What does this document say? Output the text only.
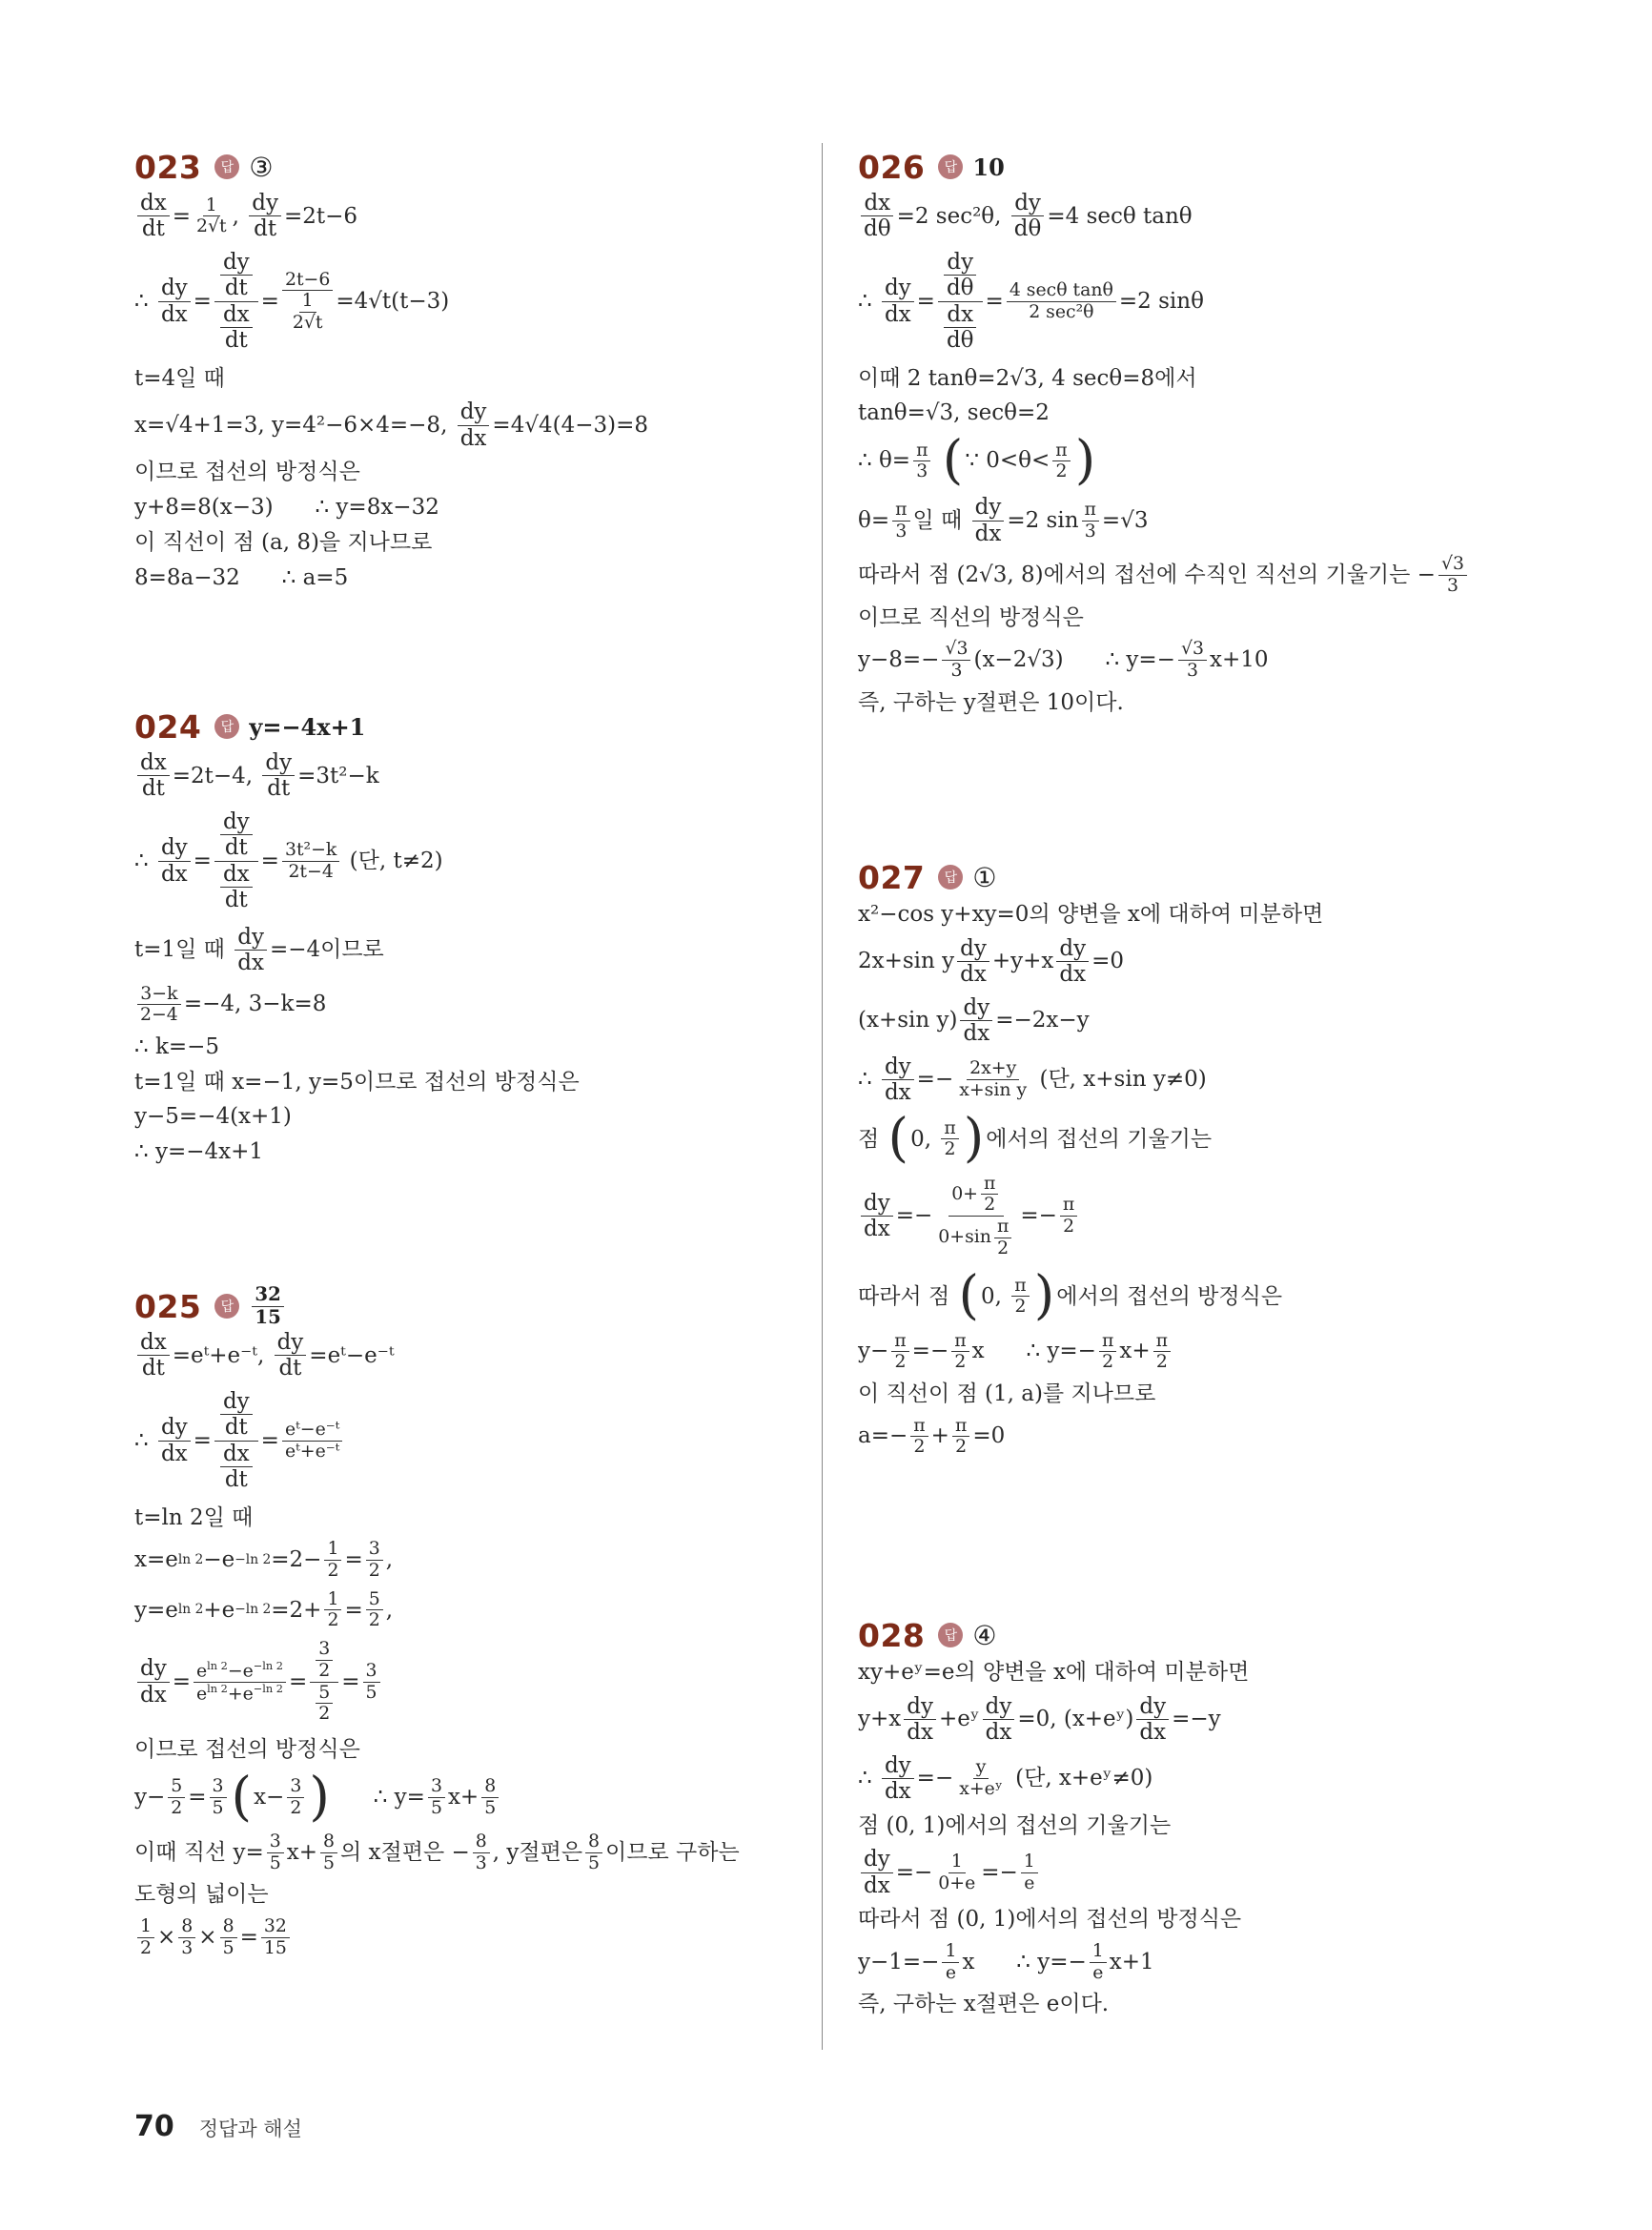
023	답 ③
$\frac{dx}{dt} = \frac{1}{2√t}$ , $\frac{dy}{dt} =2t-6$
∴ $\frac{dy}{dx} = \frac{\frac{dy}{dt}}{\frac{dx}{dt}} = \frac{2t-6}{\frac{1}{2√t}} =4√t(t-3)$
t=4일 때
x=√4+1=3, y=4²−6×4=−8, $\frac{dy}{dx} =4√4(4-3)=8$
이므로 접선의 방정식은
y+8=8(x−3)      ∴ y=8x−32
이 직선이 점 (a, 8)을 지나므로
8=8a−32      ∴ a=5
024	답 y=−4x+1
$\frac{dx}{dt} =2t-4$, $\frac{dy}{dt} =3t^2-k$
∴ $\frac{dy}{dx} = \frac{\frac{dy}{dt}}{\frac{dx}{dt}} = \frac{\text{3t²−k}}{2t-4}$ (단, t≠2)
t=1일 때 $\frac{dy}{dx} =-4$이므로
$\frac{3-k}{2-4} =-4$, 3−k=8
∴ k=−5
t=1일 때 x=−1, y=5이므로 접선의 방정식은
y−5=−4(x+1)
∴ y=−4x+1
025	답 $\frac{32}{15}$
$\frac{dx}{dt}$ =eᵗ+e⁻ᵗ, $\frac{dy}{dt}$ =eᵗ−e⁻ᵗ
∴ $\frac{dy}{dx} = \frac{\frac{dy}{dt}}{\frac{dx}{dt}} = \frac{\text{eᵗ−e⁻ᵗ}}{\text{eᵗ+e⁻ᵗ}}$
t=ln 2일 때
x=e ln 2 −e −ln $2 =2- \frac{1}{2} = \frac{3}{2}$ ,
y=e ln 2 +e −ln $2 =2+ \frac{1}{2} = \frac{5}{2}$ ,
$\frac{dy}{dx} = \frac{e^{ln 2}-e^{-ln 2}}{e^{ln 2}+e^{-ln 2}} = \frac{\frac{3}{2}}{\frac{5}{2}} = \frac{3}{5}$
이므로 접선의 방정식은
$y- \frac{5}{2} = \frac{3}{5}$ ( $x- \frac{3}{2}$ ) ∴ $y= \frac{3}{5} x+ \frac{8}{5}$
이때 직선 $y= \frac{3}{5} x+ \frac{8}{5}$ 의 x절편은 − $\frac{8}{3}$ , y절편은 $\frac{8}{5}$ 이므로 구하는
도형의 넓이는
$\frac{1}{2} \times \frac{8}{3} \times \frac{8}{5} = \frac{32}{15}$
026	답 10
$\frac{dx}{d\theta} =2$ sec²θ, $\frac{dy}{d\theta} =4$ secθ tanθ
∴ $\frac{dy}{dx} = \frac{\frac{dy}{d\theta}}{\frac{dx}{d\theta}} = \frac{\text{4 secθ tanθ}}{\text{2 sec²θ}} =2$ sinθ
이때 2 tanθ=2√3, 4 secθ=8에서
tanθ=√3, secθ=2
∴ $\theta= \frac{\pi}{3}$
( ∵ $0<\theta< \frac{\pi}{2}$ )
$\theta= \frac{\pi}{3}$ 일 때 $\frac{dy}{dx} =2$ $\sin \frac{\pi}{3} =√3$
따라서 점 (2√3, 8)에서의 접선에 수직인 직선의 기울기는 − $\frac{√3}{3}$
이므로 직선의 방정식은
$y-8=- \frac{√3}{3} (x-2√3)$      ∴ $y=- \frac{√3}{3} x+10$
즉, 구하는 y절편은 10이다.
027	답 ①
x²−cos y+xy=0의 양변을 x에 대하여 미분하면
2x+sin y $\frac{dy}{dx} +y+x \frac{dy}{dx} =0$
(x+sin $y) \frac{dy}{dx} =-2x-y$
∴ $\frac{dy}{dx} =- \frac{2x+y}{\text{x+sin y}}$ (단, x+sin y≠0)
점 ( 0, $\frac{\pi}{2}$ ) 에서의 접선의 기울기는
$\frac{dy}{dx} =- \frac{0+ \frac{\pi}{2}}{0+\sin \frac{\pi}{2}} =- \frac{\pi}{2}$
따라서 점 ( 0, $\frac{\pi}{2}$ ) 에서의 접선의 방정식은
$y- \frac{\pi}{2} =- \frac{\pi}{2}$ x      ∴ $y=- \frac{\pi}{2} x+ \frac{\pi}{2}$
이 직선이 점 (1, a)를 지나므로
$a=- \frac{\pi}{2} + \frac{\pi}{2} =0$
028	답 ④
xy+eʸ=e의 양변을 x에 대하여 미분하면
$y+x \frac{dy}{dx}$ +eʸ $\frac{dy}{dx} =0$, (x+eʸ) $\frac{dy}{dx} =-y$
∴ $\frac{dy}{dx} =- \frac{y}{\text{x+eʸ}}$ (단, x+eʸ≠0)
점 (0, 1)에서의 접선의 기울기는
$\frac{dy}{dx} =- \frac{1}{0+e} =- \frac{1}{e}$
따라서 점 (0, 1)에서의 접선의 방정식은
$y-1=- \frac{1}{e}$ x      ∴ $y=- \frac{1}{e} x+1$
즉, 구하는 x절편은 e이다.
70 정답과 해설
